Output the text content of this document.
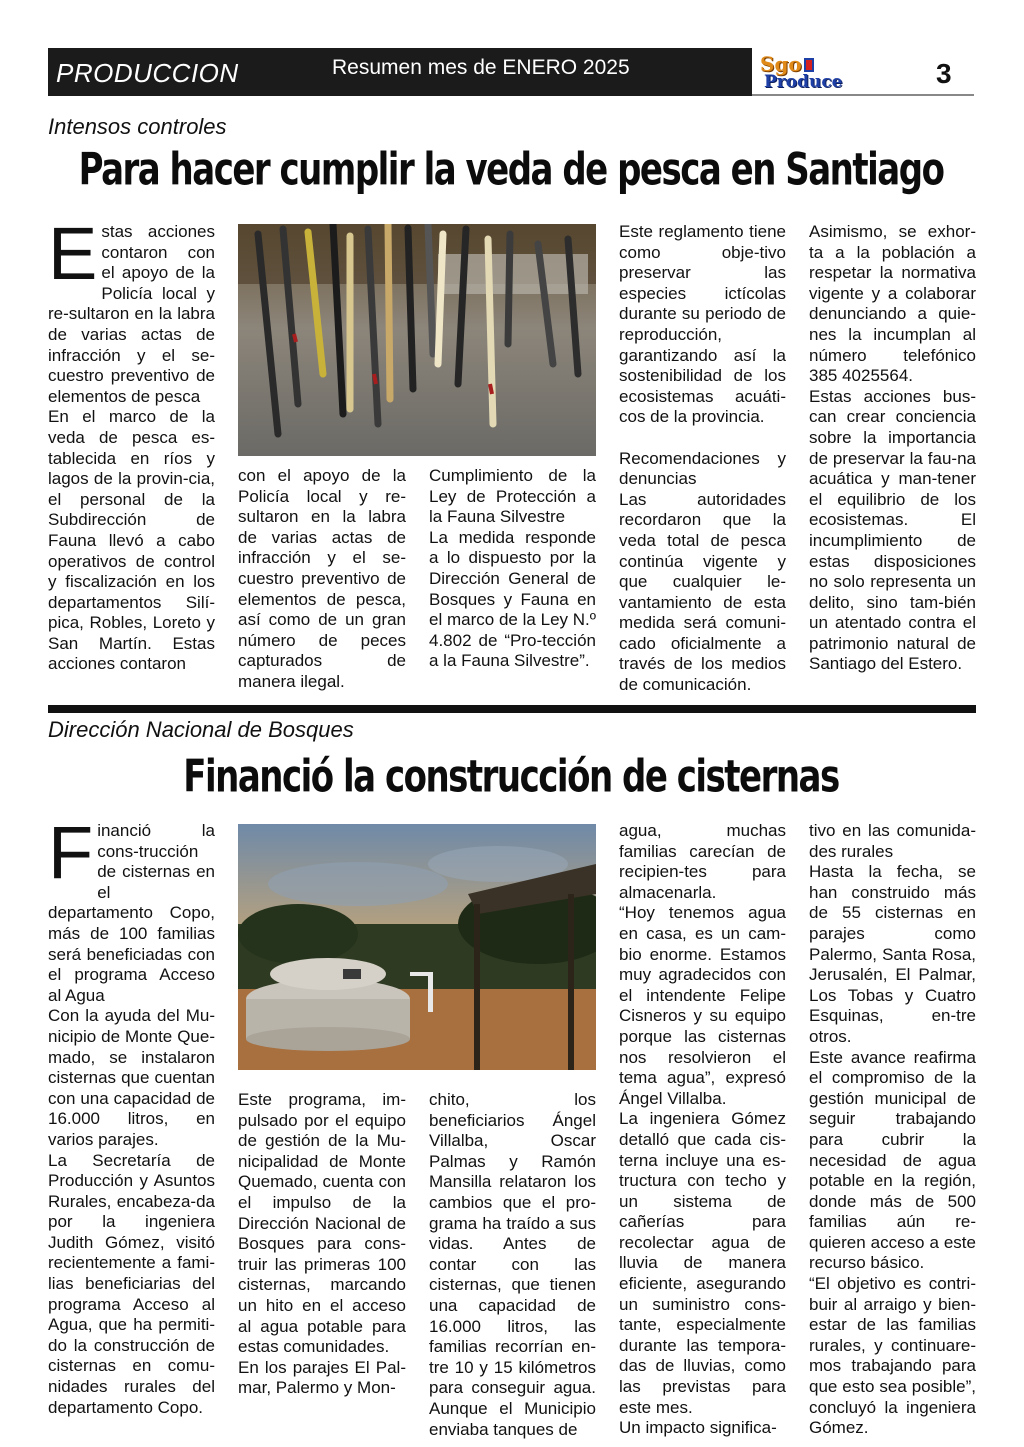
PRODUCCION	Resumen mes de ENERO 2025	Sgo
Produce	3
Intensos controles
Para hacer cumplir la veda de pesca en Santiago
E stas acciones contaron con el apoyo de la Policía local y re-sultaron en la labra de varias actas de infracción y el se-cuestro preventivo de elementos de pesca

En el marco de la veda de pesca es-tablecida en ríos y lagos de la provin-cia, el personal de la Subdirección de Fauna llevó a cabo operativos de control y fiscalización en los departamentos Silí-pica, Robles, Loreto y San Martín. Estas acciones contaron

con el apoyo de la Policía local y re-sultaron en la labra de varias actas de infracción y el se-cuestro preventivo de elementos de pesca, así como de un gran número de peces capturados de manera ilegal.

Cumplimiento de la Ley de Protección a la Fauna Silvestre

La medida responde a lo dispuesto por la Dirección General de Bosques y Fauna en el marco de la Ley N.º 4.802 de “Pro-tección a la Fauna Silvestre”.

Este reglamento tiene como obje-tivo preservar las especies ictícolas durante su periodo de reproducción, garantizando así la sostenibilidad de los ecosistemas acuáti-cos de la provincia.

Recomendaciones y denuncias

Las autoridades recordaron que la veda total de pesca continúa vigente y que cualquier le-vantamiento de esta medida será comuni-cado oficialmente a través de los medios de comunicación.

Asimismo, se exhor-ta a la población a respetar la normativa vigente y a colaborar denunciando a quie-nes la incumplan al número telefónico 385 4025564.

Estas acciones bus-can crear conciencia sobre la importancia de preservar la fau-na acuática y man-tener el equilibrio de los ecosistemas. El incumplimiento de estas disposiciones no solo representa un delito, sino tam-bién un atentado contra el patrimonio natural de Santiago del Estero.

Dirección Nacional de Bosques
Financió la construcción de cisternas
F inanció la cons-trucción de cisternas en el departamento Copo, más de 100 familias será beneficiadas con el programa Acceso al Agua

Con la ayuda del Mu-nicipio de Monte Que-mado, se instalaron cisternas que cuentan con una capacidad de 16.000 litros, en varios parajes.

La Secretaría de Producción y Asuntos Rurales, encabeza-da por la ingeniera Judith Gómez, visitó recientemente a fami-lias beneficiarias del programa Acceso al Agua, que ha permiti-do la construcción de cisternas en comu-nidades rurales del departamento Copo.

Este programa, im-pulsado por el equipo de gestión de la Mu-nicipalidad de Monte Quemado, cuenta con el impulso de la Dirección Nacional de Bosques para cons-truir las primeras 100 cisternas, marcando un hito en el acceso al agua potable para estas comunidades.

En los parajes El Pal-mar, Palermo y Mon-

chito, los beneficiarios Ángel Villalba, Oscar Palmas y Ramón Mansilla relataron los cambios que el pro-grama ha traído a sus vidas. Antes de contar con las cisternas, que tienen una capacidad de 16.000 litros, las familias recorrían en-tre 10 y 15 kilómetros para conseguir agua. Aunque el Municipio enviaba tanques de

agua, muchas familias carecían de recipien-tes para almacenarla.

“Hoy tenemos agua en casa, es un cam-bio enorme. Estamos muy agradecidos con el intendente Felipe Cisneros y su equipo porque las cisternas nos resolvieron el tema agua”, expresó Ángel Villalba.

La ingeniera Gómez detalló que cada cis-terna incluye una es-tructura con techo y un sistema de cañerías para recolectar agua de lluvia de manera eficiente, asegurando un suministro cons-tante, especialmente durante las tempora-das de lluvias, como las previstas para este mes.

Un impacto significa-

tivo en las comunida-des rurales

Hasta la fecha, se han construido más de 55 cisternas en parajes como Palermo, Santa Rosa, Jerusalén, El Palmar, Los Tobas y Cuatro Esquinas, en-tre otros.

Este avance reafirma el compromiso de la gestión municipal de seguir trabajando para cubrir la necesidad de agua potable en la región, donde más de 500 familias aún re-quieren acceso a este recurso básico.

“El objetivo es contri-buir al arraigo y bien-estar de las familias rurales, y continuare-mos trabajando para que esto sea posible”, concluyó la ingeniera Gómez.
